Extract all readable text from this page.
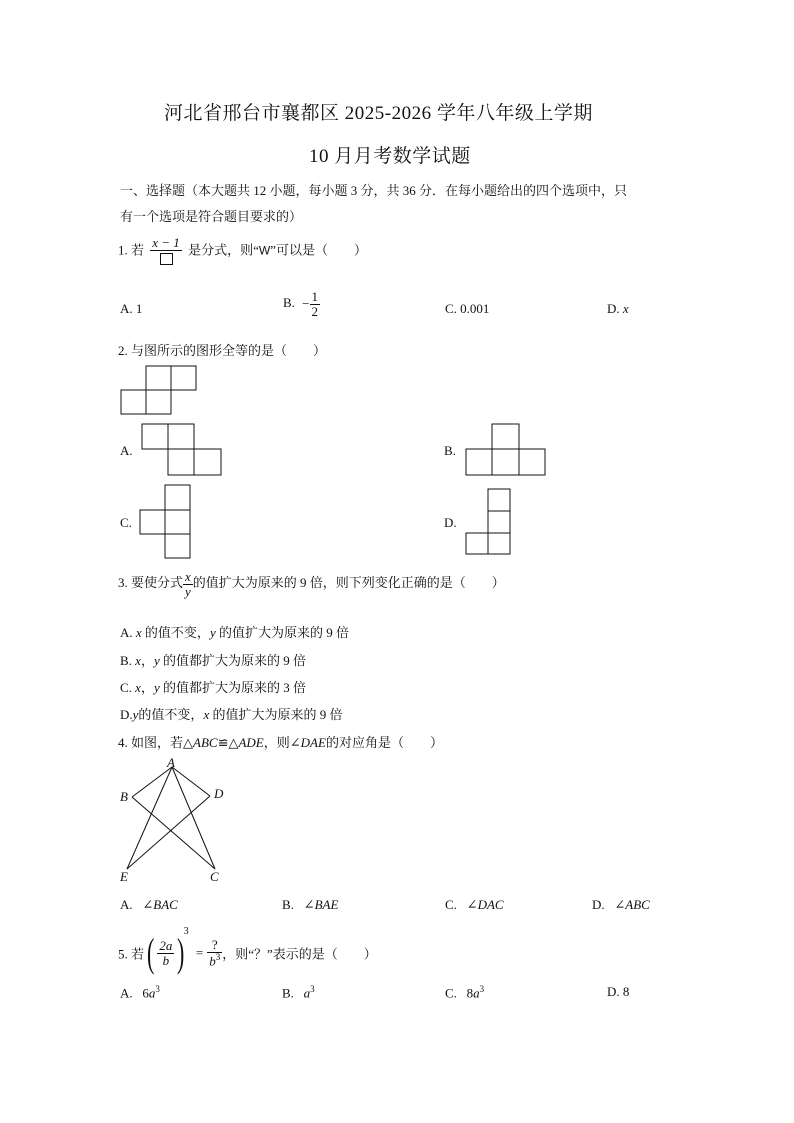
河北省邢台市襄都区 2025-2026 学年八年级上学期
10 月月考数学试题
一、选择题（本大题共 12 小题，每小题 3 分，共 36 分．在每小题给出的四个选项中，只
有一个选项是符合题目要求的）
1. 若
x − 1
是分式，则“W”可以是（　　）
A. 1	B. − $\frac{1}{2}$	C. 0.001	D. x
2. 与图所示的图形全等的是（　　）
A.	B.
C.	D.
3. 要使分式 $\frac{x}{y}$ 的值扩大为原来的 9 倍，则下列变化正确的是（　　）
A. x 的值不变，y 的值扩大为原来的 9 倍
B. x，y 的值都扩大为原来的 9 倍
C. x，y 的值都扩大为原来的 3 倍
D.y的值不变，x 的值扩大为原来的 9 倍
4. 如图，若△ABC≌△ADE，则∠DAE的对应角是（　　）
A
B	D
E	C
A. ∠BAC	B. ∠BAE	C. ∠DAC	D. ∠ABC
5. 若( $\frac{2a}{b} )^3 = \frac{?}{b^3}$ ，则“？”表示的是（　　）
A. $6a^3$	B. $a^3$	C. $8a^3$	D. 8
